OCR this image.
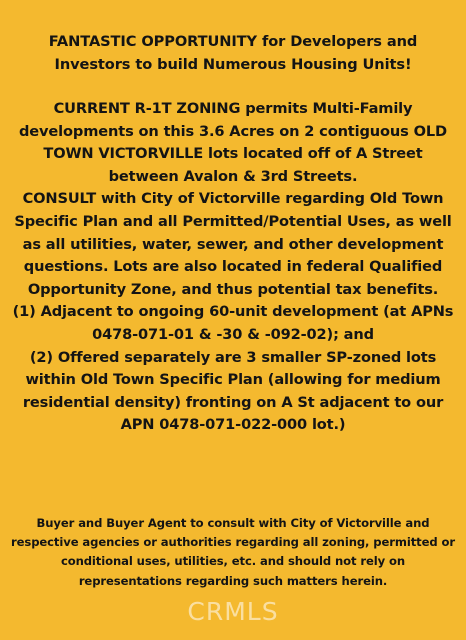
FANTASTIC OPPORTUNITY for Developers and
Investors to build Numerous Housing Units!

CURRENT R-1T ZONING permits Multi-Family developments on this 3.6 Acres on 2 contiguous OLD TOWN VICTORVILLE lots located off of A Street between Avalon & 3rd Streets.

CONSULT with City of Victorville regarding Old Town Specific Plan and all Permitted/Potential Uses, as well as all utilities, water, sewer, and other development questions. Lots are also located in federal Qualified Opportunity Zone, and thus potential tax benefits.

(1) Adjacent to ongoing 60-unit development (at APNs 0478-071-01 & -30 & -092-02); and

(2) Offered separately are 3 smaller SP-zoned lots within Old Town Specific Plan (allowing for medium residential density) fronting on A St adjacent to our APN 0478-071-022-000 lot.)

Buyer and Buyer Agent to consult with City of Victorville and respective agencies or authorities regarding all zoning, permitted or conditional uses, utilities, etc. and should not rely on representations regarding such matters herein.
CRMLS
